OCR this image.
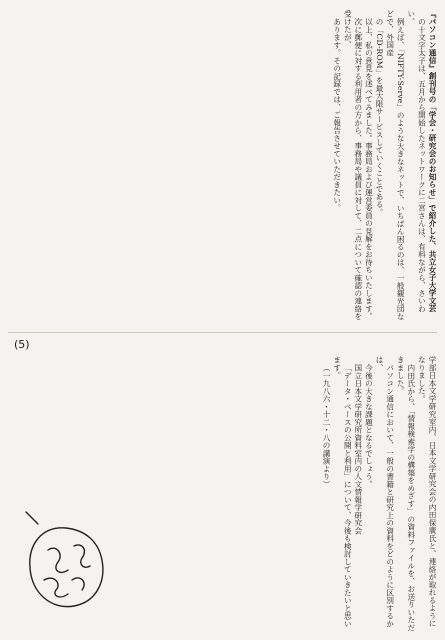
『パソコン通信』創刊号の「学会・研究会のお知らせ」で紹介した、共立女子大学文芸

の十文字太子は、五月から開始したネットワークに二宮さんは、有料ながら、さいわい、

例えば、「NIFTY-Serve」のような大きなネットで、いちばん困るのは、一般観光団などで、外国産

の「CD-ROM」を最大限サービスしていくことである。

以上、私の意見を述べてみました。事務局および運営委員の見解をお待ちいたします。

次に郵便に対する利用者の方から、事務局や議員に対して、二点について確認の連絡を受けたが、

あります。その記録では、ご報告させていただきたい。

(5)

学部日本文学研究室内、日本文学研究会の内田保廣氏と、連絡が取れるようになりました。

内田氏から、「情報検索学の構築をめざす」の資料ファイルを、お送りいただきました。

パソコン通信において、一般の書籍と研究上の資料をどのように区別するかは、

今後の大きな課題となるでしょう。

国立日本文学研究所資料室内の人文情報学研究会

「データ・ベースの公開と利用」について、今後も検討していきたいと思います。

（一九八六・十二・八の講演より）
